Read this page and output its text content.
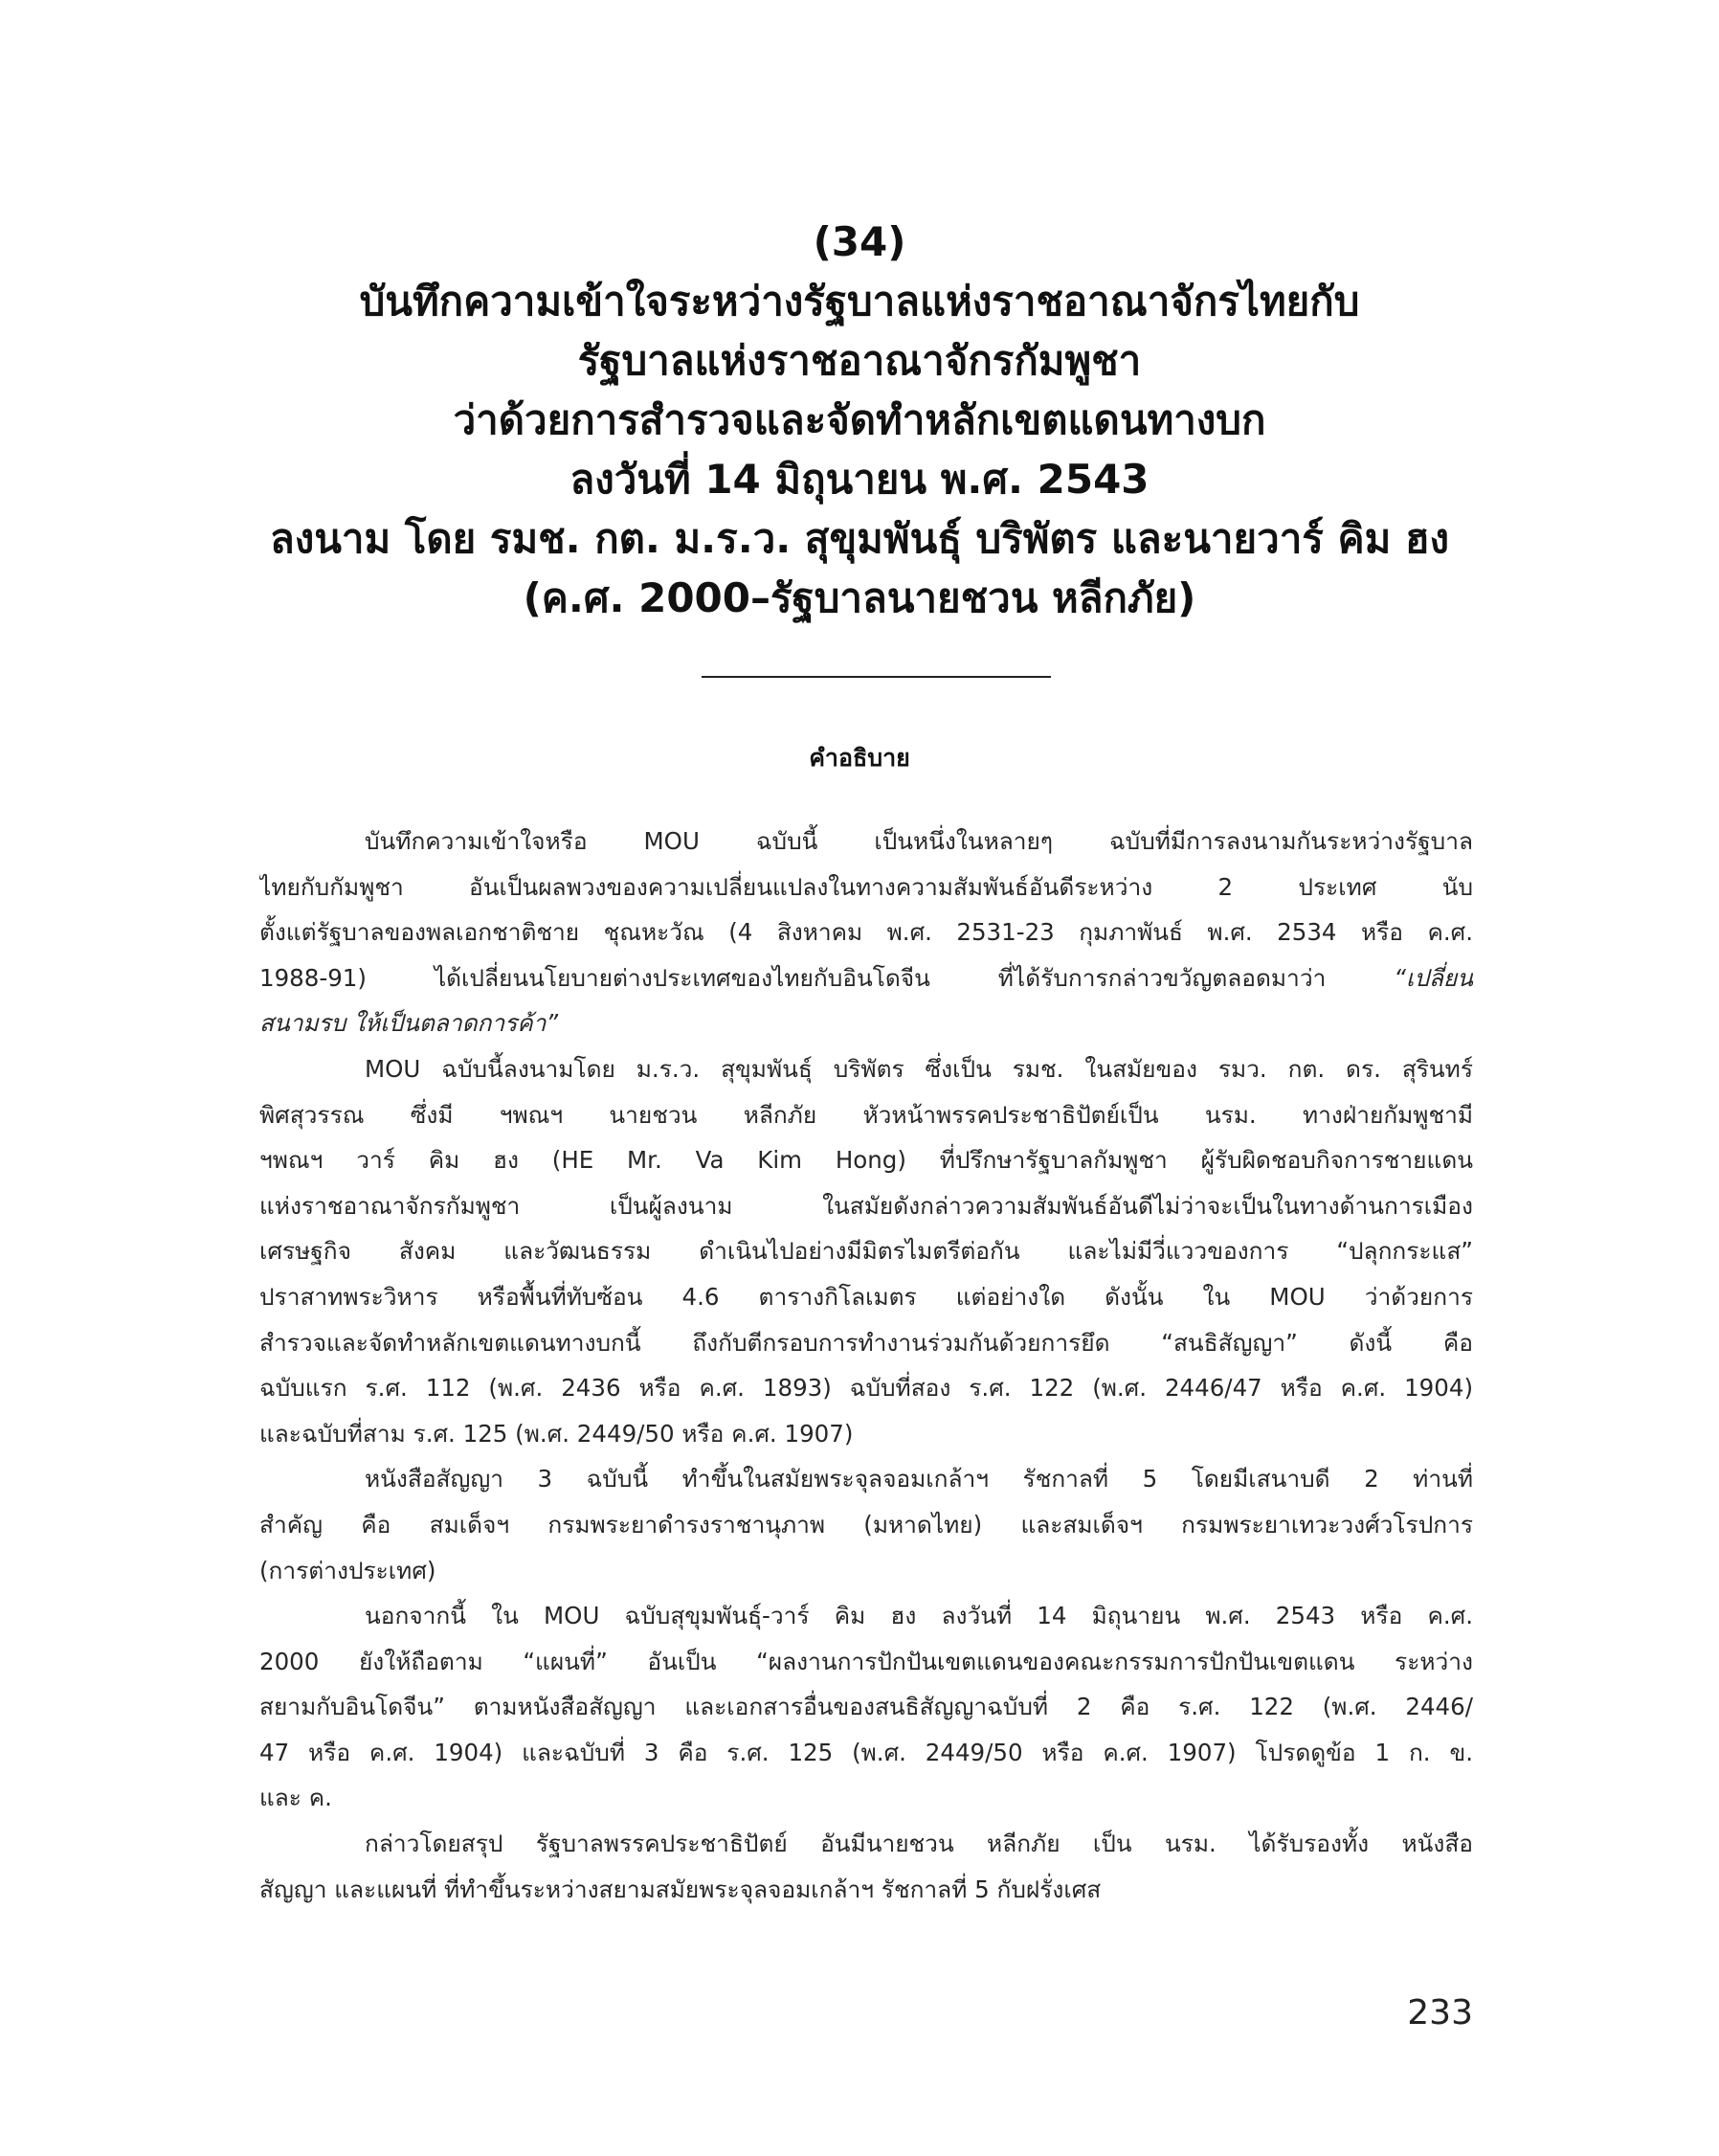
(34)
บันทึกความเข้าใจระหว่างรัฐบาลแห่งราชอาณาจักรไทยกับ
รัฐบาลแห่งราชอาณาจักรกัมพูชา
ว่าด้วยการสำรวจและจัดทำหลักเขตแดนทางบก
ลงวันที่ 14 มิถุนายน พ.ศ. 2543
ลงนาม โดย รมช. กต. ม.ร.ว. สุขุมพันธุ์ บริพัตร และนายวาร์ คิม ฮง
(ค.ศ. 2000–รัฐบาลนายชวน หลีกภัย)
คำอธิบาย
บันทึกความเข้าใจหรือ MOU ฉบับนี้ เป็นหนึ่งในหลายๆ ฉบับที่มีการลงนามกันระหว่างรัฐบาล
ไทยกับกัมพูชา อันเป็นผลพวงของความเปลี่ยนแปลงในทางความสัมพันธ์อันดีระหว่าง 2 ประเทศ นับ
ตั้งแต่รัฐบาลของพลเอกชาติชาย ชุณหะวัณ (4 สิงหาคม พ.ศ. 2531-23 กุมภาพันธ์ พ.ศ. 2534 หรือ ค.ศ.
1988-91) ได้เปลี่ยนนโยบายต่างประเทศของไทยกับอินโดจีน ที่ได้รับการกล่าวขวัญตลอดมาว่า	“เปลี่ยน
สนามรบ ให้เป็นตลาดการค้า”
MOU ฉบับนี้ลงนามโดย ม.ร.ว. สุขุมพันธุ์ บริพัตร ซึ่งเป็น รมช. ในสมัยของ รมว. กต. ดร. สุรินทร์
พิศสุวรรณ ซึ่งมี ฯพณฯ นายชวน หลีกภัย หัวหน้าพรรคประชาธิปัตย์เป็น นรม. ทางฝ่ายกัมพูชามี
ฯพณฯ วาร์ คิม ฮง (HE Mr. Va Kim Hong) ที่ปรึกษารัฐบาลกัมพูชา ผู้รับผิดชอบกิจการชายแดน
แห่งราชอาณาจักรกัมพูชา เป็นผู้ลงนาม ในสมัยดังกล่าวความสัมพันธ์อันดีไม่ว่าจะเป็นในทางด้านการเมือง
เศรษฐกิจ สังคม และวัฒนธรรม ดำเนินไปอย่างมีมิตรไมตรีต่อกัน และไม่มีวี่แววของการ “ปลุกกระแส”
ปราสาทพระวิหาร หรือพื้นที่ทับซ้อน 4.6 ตารางกิโลเมตร แต่อย่างใด ดังนั้น ใน MOU ว่าด้วยการ
สำรวจและจัดทำหลักเขตแดนทางบกนี้ ถึงกับตีกรอบการทำงานร่วมกันด้วยการยึด “สนธิสัญญา” ดังนี้ คือ
ฉบับแรก ร.ศ. 112 (พ.ศ. 2436 หรือ ค.ศ. 1893) ฉบับที่สอง ร.ศ. 122 (พ.ศ. 2446/47 หรือ ค.ศ. 1904)
และฉบับที่สาม ร.ศ. 125 (พ.ศ. 2449/50 หรือ ค.ศ. 1907)
หนังสือสัญญา 3 ฉบับนี้ ทำขึ้นในสมัยพระจุลจอมเกล้าฯ รัชกาลที่ 5 โดยมีเสนาบดี 2 ท่านที่
สำคัญ คือ สมเด็จฯ กรมพระยาดำรงราชานุภาพ (มหาดไทย) และสมเด็จฯ กรมพระยาเทวะวงศ์วโรปการ
(การต่างประเทศ)
นอกจากนี้ ใน MOU ฉบับสุขุมพันธุ์-วาร์ คิม ฮง ลงวันที่ 14 มิถุนายน พ.ศ. 2543 หรือ ค.ศ.
2000 ยังให้ถือตาม “แผนที่” อันเป็น “ผลงานการปักปันเขตแดนของคณะกรรมการปักปันเขตแดน ระหว่าง
สยามกับอินโดจีน” ตามหนังสือสัญญา และเอกสารอื่นของสนธิสัญญาฉบับที่ 2 คือ ร.ศ. 122 (พ.ศ. 2446/
47 หรือ ค.ศ. 1904) และฉบับที่ 3 คือ ร.ศ. 125 (พ.ศ. 2449/50 หรือ ค.ศ. 1907) โปรดดูข้อ 1 ก. ข.
และ ค.
กล่าวโดยสรุป รัฐบาลพรรคประชาธิปัตย์ อันมีนายชวน หลีกภัย เป็น นรม. ได้รับรองทั้ง หนังสือ
สัญญา และแผนที่ ที่ทำขึ้นระหว่างสยามสมัยพระจุลจอมเกล้าฯ รัชกาลที่ 5 กับฝรั่งเศส
233
